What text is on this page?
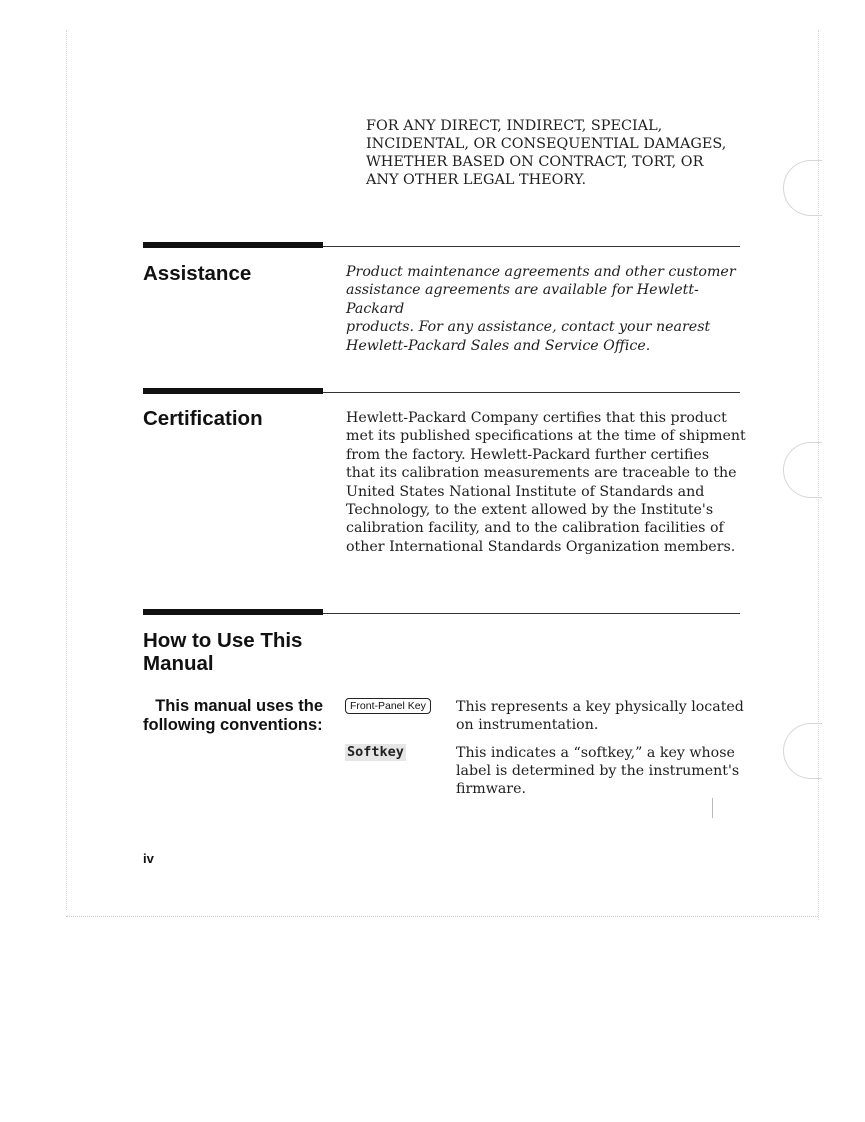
FOR ANY DIRECT, INDIRECT, SPECIAL,
INCIDENTAL, OR CONSEQUENTIAL DAMAGES,
WHETHER BASED ON CONTRACT, TORT, OR
ANY OTHER LEGAL THEORY.
Assistance	Product maintenance agreements and other customer
assistance agreements are available for Hewlett-Packard
products. For any assistance, contact your nearest
Hewlett-Packard Sales and Service Office.
Certification	Hewlett-Packard Company certifies that this product
met its published specifications at the time of shipment
from the factory. Hewlett-Packard further certifies
that its calibration measurements are traceable to the
United States National Institute of Standards and
Technology, to the extent allowed by the Institute's
calibration facility, and to the calibration facilities of
other International Standards Organization members.
How to Use This
Manual
This manual uses the
following conventions:
Front-Panel Key	This represents a key physically located
on instrumentation.
Softkey	This indicates a “softkey,” a key whose
label is determined by the instrument's
firmware.
iv
